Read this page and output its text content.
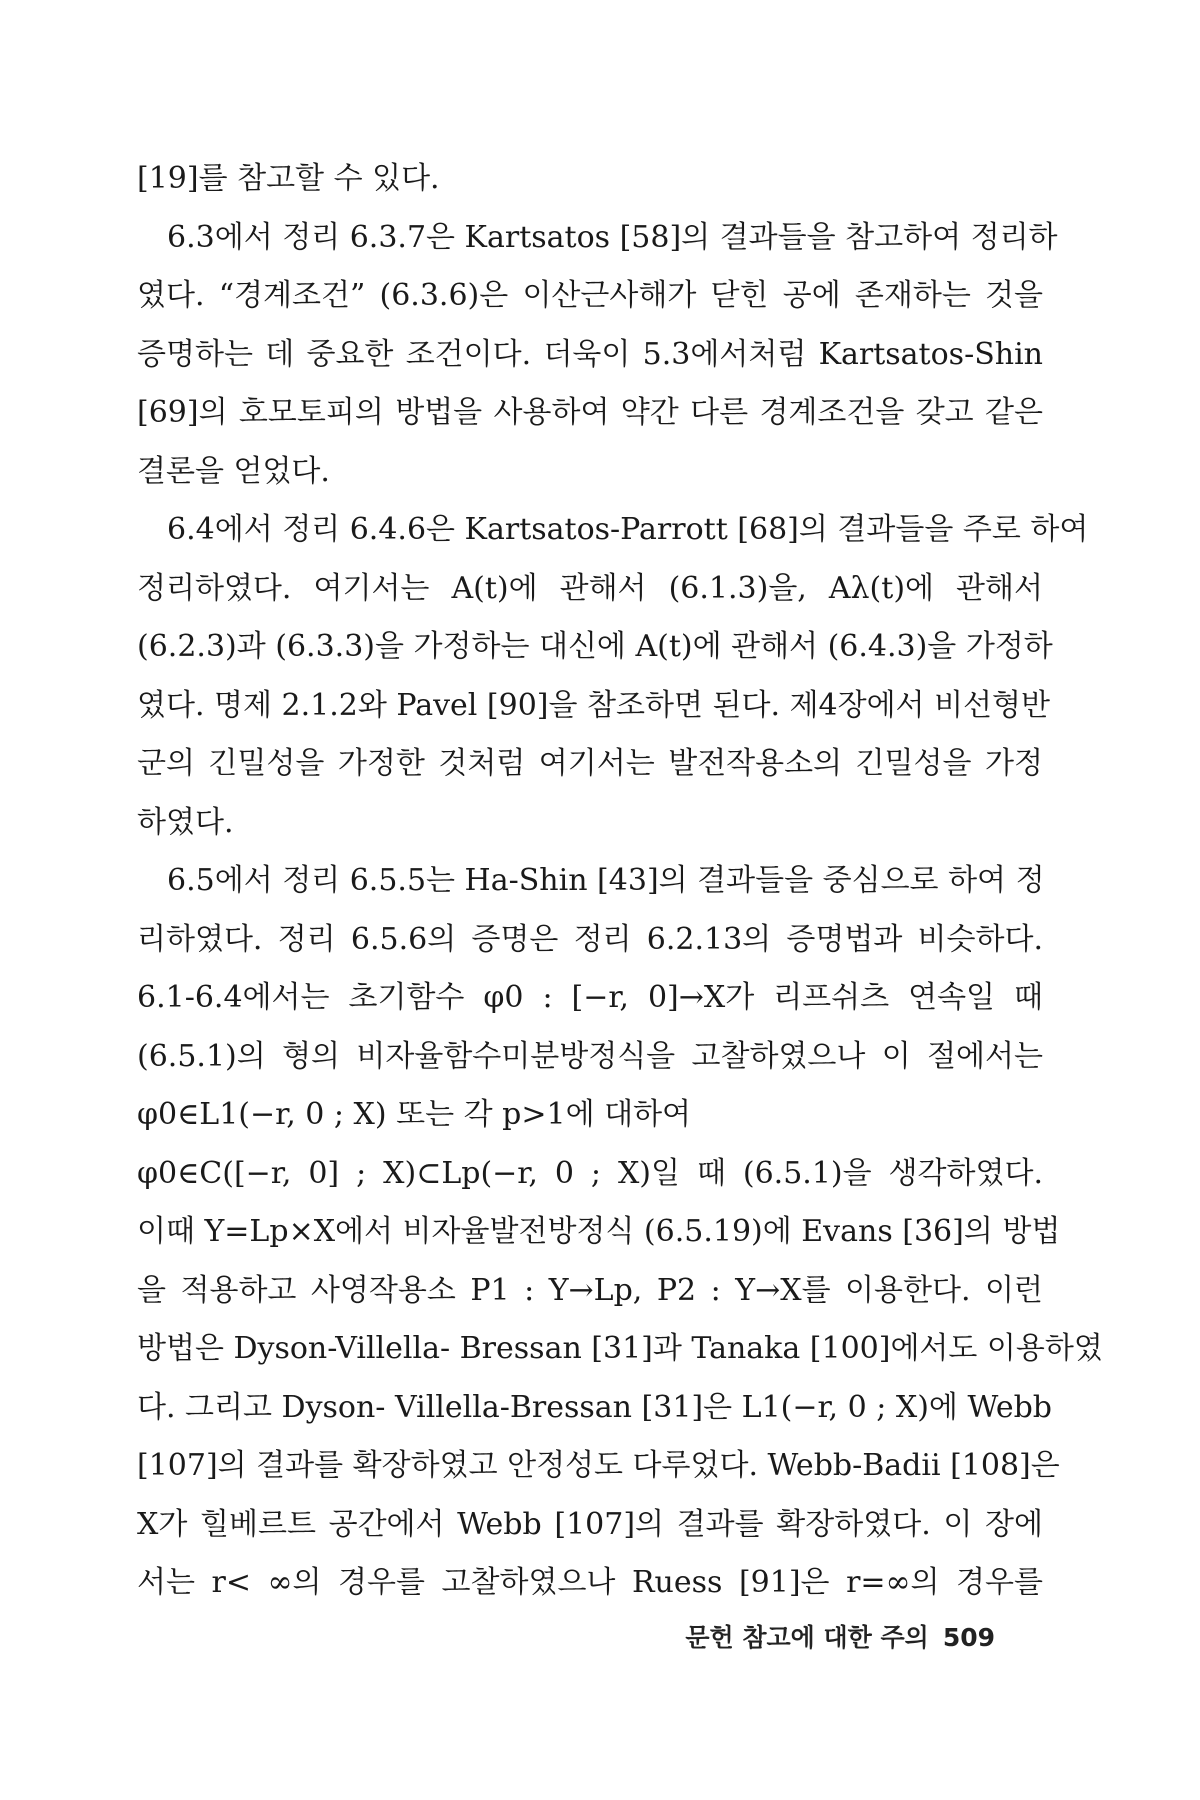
[19]를 참고할 수 있다.
6.3에서 정리 6.3.7은 Kartsatos [58]의 결과들을 참고하여 정리하
였다. “경계조건” (6.3.6)은 이산근사해가 닫힌 공에 존재하는 것을
증명하는 데 중요한 조건이다. 더욱이 5.3에서처럼 Kartsatos-Shin
[69]의 호모토피의 방법을 사용하여 약간 다른 경계조건을 갖고 같은
결론을 얻었다.
6.4에서 정리 6.4.6은 Kartsatos-Parrott [68]의 결과들을 주로 하여
정리하였다. 여기서는 A(t)에 관해서 (6.1.3)을, Aλ(t)에 관해서
(6.2.3)과 (6.3.3)을 가정하는 대신에 A(t)에 관해서 (6.4.3)을 가정하
였다. 명제 2.1.2와 Pavel [90]을 참조하면 된다. 제4장에서 비선형반
군의 긴밀성을 가정한 것처럼 여기서는 발전작용소의 긴밀성을 가정
하였다.
6.5에서 정리 6.5.5는 Ha-Shin [43]의 결과들을 중심으로 하여 정
리하였다. 정리 6.5.6의 증명은 정리 6.2.13의 증명법과 비슷하다.
6.1-6.4에서는 초기함수 φ0 : [−r, 0]→X가 리프쉬츠 연속일 때
(6.5.1)의 형의 비자율함수미분방정식을 고찰하였으나 이 절에서는
φ0∈L1(−r, 0 ; X) 또는 각 p>1에 대하여
φ0∈C([−r, 0] ; X)⊂Lp(−r, 0 ; X)일 때 (6.5.1)을 생각하였다.
이때 Y=Lp×X에서 비자율발전방정식 (6.5.19)에 Evans [36]의 방법
을 적용하고 사영작용소 P1 : Y→Lp, P2 : Y→X를 이용한다. 이런
방법은 Dyson-Villella- Bressan [31]과 Tanaka [100]에서도 이용하였
다. 그리고 Dyson- Villella-Bressan [31]은 L1(−r, 0 ; X)에 Webb
[107]의 결과를 확장하였고 안정성도 다루었다. Webb-Badii [108]은
X가 힐베르트 공간에서 Webb [107]의 결과를 확장하였다. 이 장에
서는 r< ∞의 경우를 고찰하였으나 Ruess [91]은 r=∞의 경우를
문헌 참고에 대한 주의 509
